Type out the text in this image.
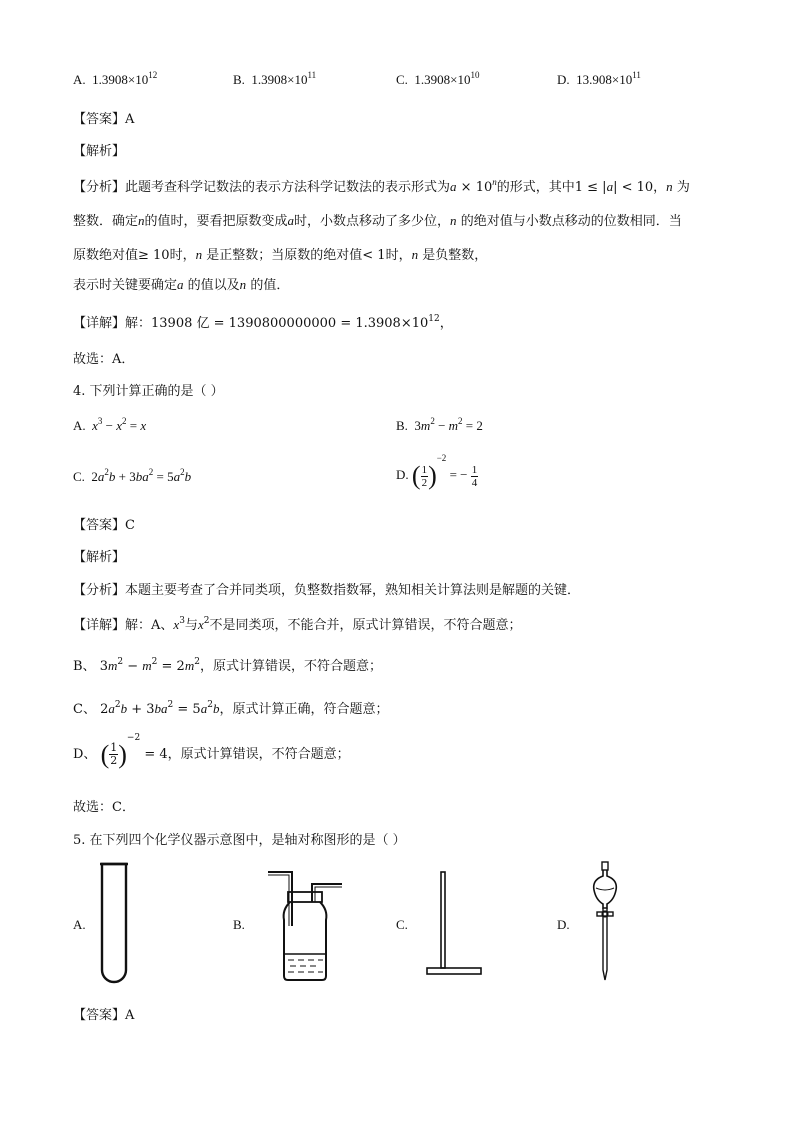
A. $1.3908\times 10^{12}$	B. $1.3908\times 10^{11}$	C. $1.3908\times 10^{10}$	D. $13.908\times 10^{11}$
【答案】A
【解析】
【分析】此题考查科学记数法的表示方法科学记数法的表示形式为$a \times 10^n$的形式，其中1 ≤ |a| < 10，n 为
整数．确定n的值时，要看把原数变成a时，小数点移动了多少位，n 的绝对值与小数点移动的位数相同．当
原数绝对值≥ 10时，n 是正整数；当原数的绝对值< 1时，n 是负整数，
表示时关键要确定a 的值以及n 的值．
【详解】解：13908 亿 = $1390800000000 = 1.3908\times 10^{12}$，
故选：A．
4. 下列计算正确的是（ ）
A. $x^3 - x^2 = x$	B.  $3m^2 - m^2 = 2$
C.  $2a^2b + 3ba^2 = 5a^2b$	D. ( $\frac{1}{2} )^{-2}$ = − $\frac{1}{4}$
【答案】C
【解析】
【分析】本题主要考查了合并同类项，负整数指数幂，熟知相关计算法则是解题的关键．
【详解】解：A、$x^3$与$x^2$不是同类项，不能合并，原式计算错误，不符合题意；
B、 $3m^2 - m^2 = 2m^2$，原式计算错误，不符合题意；
C、 $2a^2b + 3ba^2 = 5a^2b$，原式计算正确，符合题意；
D、 ( $\frac{1}{2} )^{-2} = 4$，原式计算错误，不符合题意；
故选：C．
5. 在下列四个化学仪器示意图中，是轴对称图形的是（ ）
A.	B.	C.	D.
【答案】A
